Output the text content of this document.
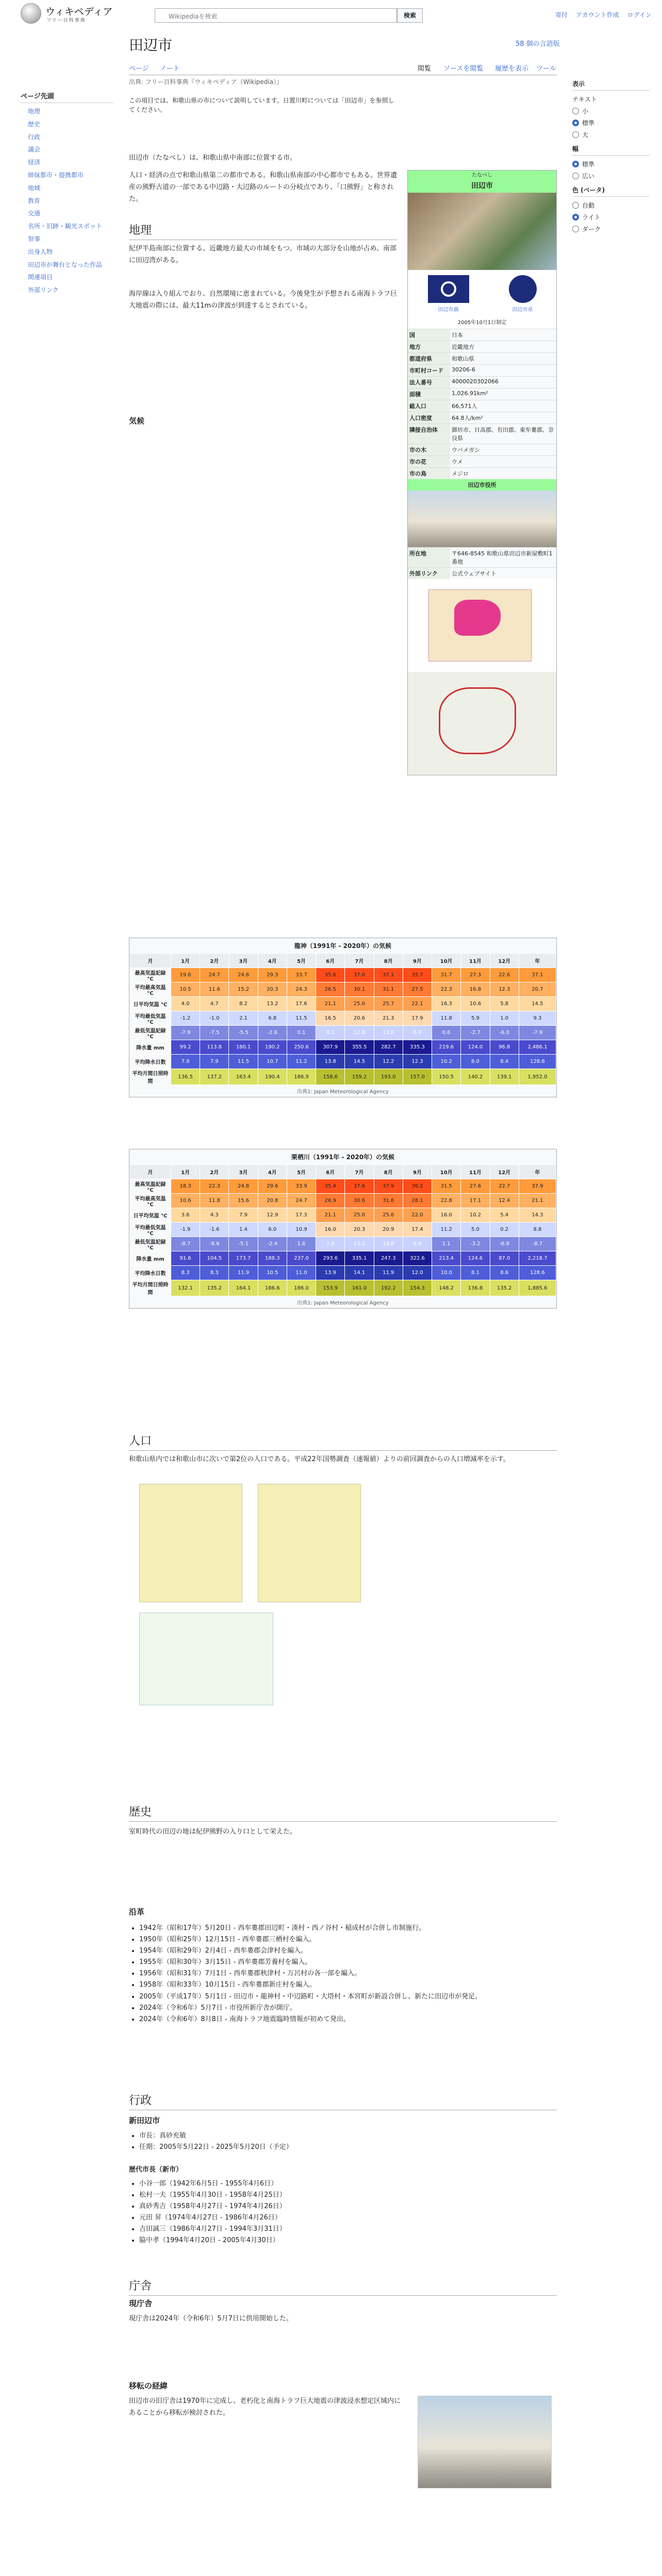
ウィキペディア
フリー百科事典
Wikipediaを検索	検索	寄付 アカウント作成 ログイン
田辺市	58 個の言語版
ページ ノート	閲覧 ソースを閲覧 履歴を表示 ツール
出典: フリー百科事典『ウィキペディア（Wikipedia）』
ページ先頭
地理
歴史
行政
議会
経済
姉妹都市・提携都市
地域
教育
交通
名所・旧跡・観光スポット
祭事
出身人物
田辺市が舞台となった作品
関連項目
外部リンク
表示
テキスト
小
標準
大
幅
標準
広い
色 (ベータ)
自動
ライト
ダーク
この項目では、和歌山県の市について説明しています。日置川町については「田辺市」を参照してください。
田辺市（たなべし）は、和歌山県中南部に位置する市。
人口・経済の点で和歌山県第二の都市である。和歌山県南部の中心都市でもある。世界遺産の熊野古道の一部である中辺路・大辺路のルートの分岐点であり、「口熊野」と称された。
地理
紀伊半島南部に位置する、近畿地方最大の市域をもつ。市域の大部分を山地が占め、南部に田辺湾がある。
海岸線は入り組んでおり、自然環境に恵まれている。今後発生が予想される南海トラフ巨大地震の際には、最大11mの津波が到達するとされている。
気候
たなべし
田辺市
田辺市旗	田辺市章
2005年10月1日制定
国	日本
地方	近畿地方
都道府県	和歌山県
市町村コード	30206-6
法人番号	4000020302066
面積	1,026.91km²
総人口	66,571人
人口密度	64.8人/km²
隣接自治体	御坊市、日高郡、有田郡、東牟婁郡、奈良県
市の木	ウバメガシ
市の花	ウメ
市の鳥	メジロ
田辺市役所
所在地	〒646-8545 和歌山県田辺市新屋敷町1番地
外部リンク	公式ウェブサイト
龍神（1991年 - 2020年）の気候
月	1月	2月	3月	4月	5月	6月	7月	8月	9月	10月	11月	12月	年
最高気温記録 °C	19.6	24.7	24.6	29.3	33.7	35.6	37.0	37.1	35.7	31.7	27.3	22.6	37.1
平均最高気温 °C	10.5	11.6	15.2	20.3	24.3	26.5	30.1	31.1	27.5	22.3	16.8	12.3	20.7
日平均気温 °C	4.0	4.7	8.2	13.2	17.6	21.1	25.0	25.7	22.1	16.3	10.6	5.8	14.5
平均最低気温 °C	-1.2	-1.0	2.1	6.8	11.5	16.5	20.6	21.3	17.9	11.8	5.9	1.0	9.3
最低気温記録 °C	-7.9	-7.5	-5.5	-2.6	0.1	8.1	12.8	13.6	6.9	0.6	-2.7	-6.0	-7.9
降水量 mm	99.2	113.8	180.1	190.2	250.6	307.9	355.5	282.7	335.3	219.6	124.0	96.8	2,486.1
平均降水日数	7.9	7.9	11.5	10.7	11.2	13.8	14.5	12.2	12.3	10.2	8.0	8.4	128.6
平均月間日照時間	136.5	137.2	163.4	190.4	186.9	158.6	159.2	193.0	157.0	150.5	140.2	139.1	1,952.0
出典1: Japan Meteorological Agency
栗栖川（1991年 - 2020年）の気候
月	1月	2月	3月	4月	5月	6月	7月	8月	9月	10月	11月	12月	年
最高気温記録 °C	18.3	22.3	24.8	29.6	33.9	35.4	37.6	37.9	36.2	31.5	27.6	22.7	37.9
平均最高気温 °C	10.6	11.8	15.6	20.8	24.7	26.9	30.6	31.6	28.1	22.8	17.1	12.4	21.1
日平均気温 °C	3.6	4.3	7.9	12.9	17.3	21.1	25.0	25.6	22.0	16.0	10.2	5.4	14.3
平均最低気温 °C	-1.9	-1.6	1.4	6.0	10.9	16.0	20.3	20.9	17.4	11.2	5.0	0.2	8.8
最低気温記録 °C	-8.7	-8.6	-5.1	-2.4	1.6	7.8	13.2	13.8	6.9	1.1	-3.2	-6.9	-8.7
降水量 mm	91.6	104.5	173.7	188.3	237.0	293.6	335.1	247.3	322.6	213.4	124.6	87.0	2,218.7
平均降水日数	8.3	8.3	11.9	10.5	11.0	13.9	14.1	11.9	12.0	10.0	8.1	8.6	128.6
平均月間日照時間	132.1	135.2	164.1	186.6	186.0	153.9	161.0	192.2	154.3	148.2	136.8	135.2	1,885.6
出典1: Japan Meteorological Agency
人口
和歌山県内では和歌山市に次いで第2位の人口である。平成22年国勢調査（速報値）よりの前回調査からの人口増減率を示す。
歴史
室町時代の田辺の地は紀伊熊野の入り口として栄えた。
沿革
• 1942年（昭和17年）5月20日 - 西牟婁郡田辺町・湊村・西ノ谷村・稲成村が合併し市制施行。
• 1950年（昭和25年）12月15日 - 西牟婁郡三栖村を編入。
• 1954年（昭和29年）2月4日 - 西牟婁郡会津村を編入。
• 1955年（昭和30年）3月15日 - 西牟婁郡芳養村を編入。
• 1956年（昭和31年）7月1日 - 西牟婁郡秋津村・万呂村の各一部を編入。
• 1958年（昭和33年）10月15日 - 西牟婁郡新庄村を編入。
• 2005年（平成17年）5月1日 - 田辺市・龍神村・中辺路町・大塔村・本宮町が新設合併し、新たに田辺市が発足。
• 2024年（令和6年）5月7日 - 市役所新庁舎が開庁。
• 2024年（令和6年）8月8日 - 南海トラフ地震臨時情報が初めて発出。
行政
新田辺市
• 市長：真砂充敏
• 任期：2005年5月22日 - 2025年5月20日（予定）
歴代市長（新市）
• 小谷一郎（1942年6月5日 - 1955年4月6日）
• 松村一夫（1955年4月30日 - 1958年4月25日）
• 真砂秀吉（1958年4月27日 - 1974年4月26日）
• 元田 昇（1974年4月27日 - 1986年4月26日）
• 吉田誠三（1986年4月27日 - 1994年3月31日）
• 脇中孝（1994年4月20日 - 2005年4月30日）
庁舎
現庁舎
現庁舎は2024年（令和6年）5月7日に供用開始した。
移転の経緯
田辺市の旧庁舎は1970年に完成し、老朽化と南海トラフ巨大地震の津波浸水想定区域内にあることから移転が検討された。
